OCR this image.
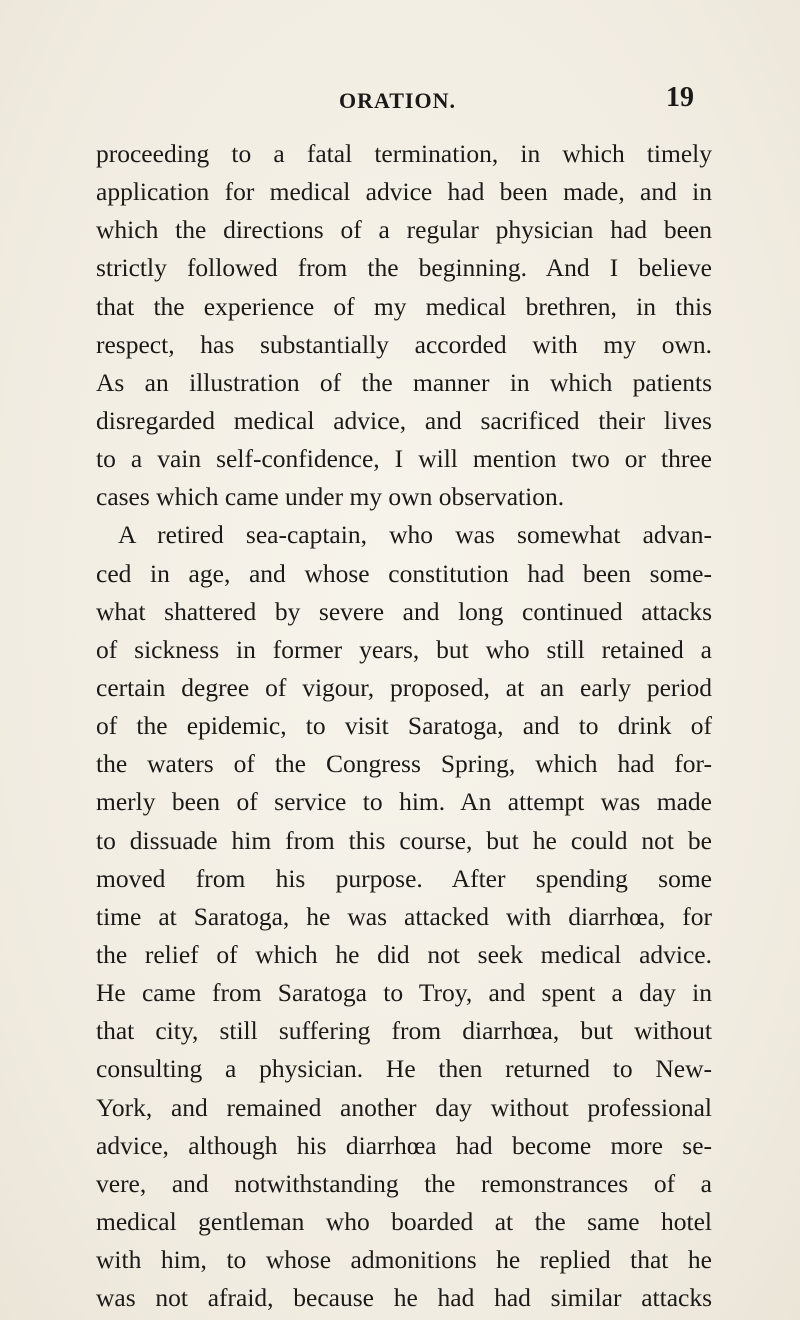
ORATION.	19
proceeding to a fatal termination, in which timely
application for medical advice had been made, and in
which the directions of a regular physician had been
strictly followed from the beginning. And I believe
that the experience of my medical brethren, in this
respect, has substantially accorded with my own.
As an illustration of the manner in which patients
disregarded medical advice, and sacrificed their lives
to a vain self-confidence, I will mention two or three
cases which came under my own observation.
A retired sea-captain, who was somewhat advan-
ced in age, and whose constitution had been some-
what shattered by severe and long continued attacks
of sickness in former years, but who still retained a
certain degree of vigour, proposed, at an early period
of the epidemic, to visit Saratoga, and to drink of
the waters of the Congress Spring, which had for-
merly been of service to him. An attempt was made
to dissuade him from this course, but he could not be
moved from his purpose. After spending some
time at Saratoga, he was attacked with diarrhœa, for
the relief of which he did not seek medical advice.
He came from Saratoga to Troy, and spent a day in
that city, still suffering from diarrhœa, but without
consulting a physician. He then returned to New-
York, and remained another day without professional
advice, although his diarrhœa had become more se-
vere, and notwithstanding the remonstrances of a
medical gentleman who boarded at the same hotel
with him, to whose admonitions he replied that he
was not afraid, because he had had similar attacks
